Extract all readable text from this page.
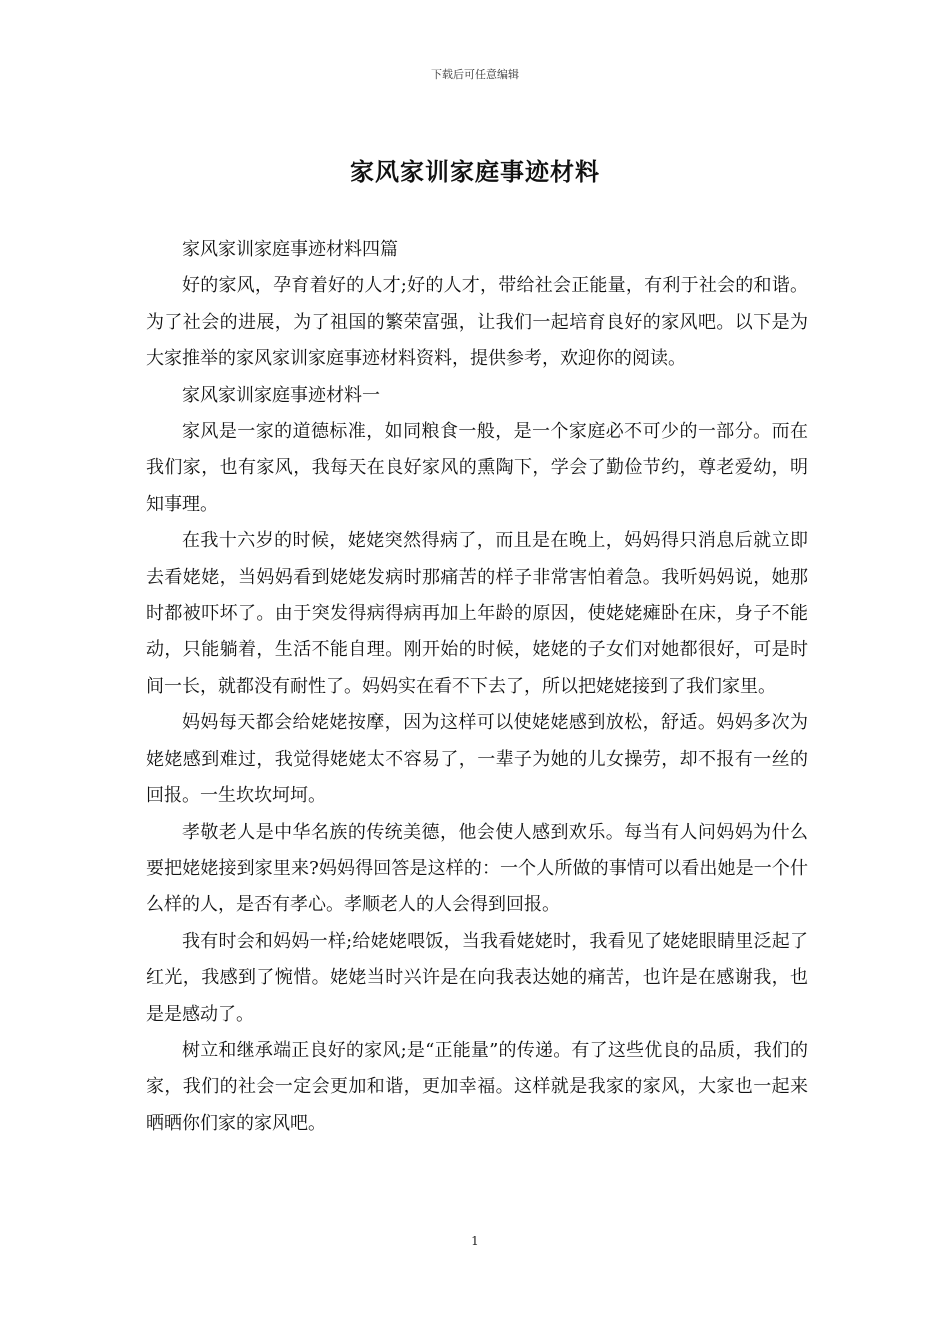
下载后可任意编辑
家风家训家庭事迹材料

家风家训家庭事迹材料四篇

好的家风，孕育着好的人才;好的人才，带给社会正能量，有利于社会的和谐。为了社会的进展，为了祖国的繁荣富强，让我们一起培育良好的家风吧。以下是为大家推举的家风家训家庭事迹材料资料，提供参考，欢迎你的阅读。

家风家训家庭事迹材料一

家风是一家的道德标准，如同粮食一般，是一个家庭必不可少的一部分。而在我们家，也有家风，我每天在良好家风的熏陶下，学会了勤俭节约，尊老爱幼，明知事理。

在我十六岁的时候，姥姥突然得病了，而且是在晚上，妈妈得只消息后就立即去看姥姥，当妈妈看到姥姥发病时那痛苦的样子非常害怕着急。我听妈妈说，她那时都被吓坏了。由于突发得病得病再加上年龄的原因，使姥姥瘫卧在床，身子不能动，只能躺着，生活不能自理。刚开始的时候，姥姥的子女们对她都很好，可是时间一长，就都没有耐性了。妈妈实在看不下去了，所以把姥姥接到了我们家里。

妈妈每天都会给姥姥按摩，因为这样可以使姥姥感到放松，舒适。妈妈多次为姥姥感到难过，我觉得姥姥太不容易了，一辈子为她的儿女操劳，却不报有一丝的回报。一生坎坎坷坷。

孝敬老人是中华名族的传统美德，他会使人感到欢乐。每当有人问妈妈为什么要把姥姥接到家里来?妈妈得回答是这样的：一个人所做的事情可以看出她是一个什么样的人，是否有孝心。孝顺老人的人会得到回报。

我有时会和妈妈一样;给姥姥喂饭，当我看姥姥时，我看见了姥姥眼睛里泛起了红光，我感到了惋惜。姥姥当时兴许是在向我表达她的痛苦，也许是在感谢我，也是是感动了。

树立和继承端正良好的家风;是“正能量”的传递。有了这些优良的品质，我们的家，我们的社会一定会更加和谐，更加幸福。这样就是我家的家风，大家也一起来晒晒你们家的家风吧。

1
